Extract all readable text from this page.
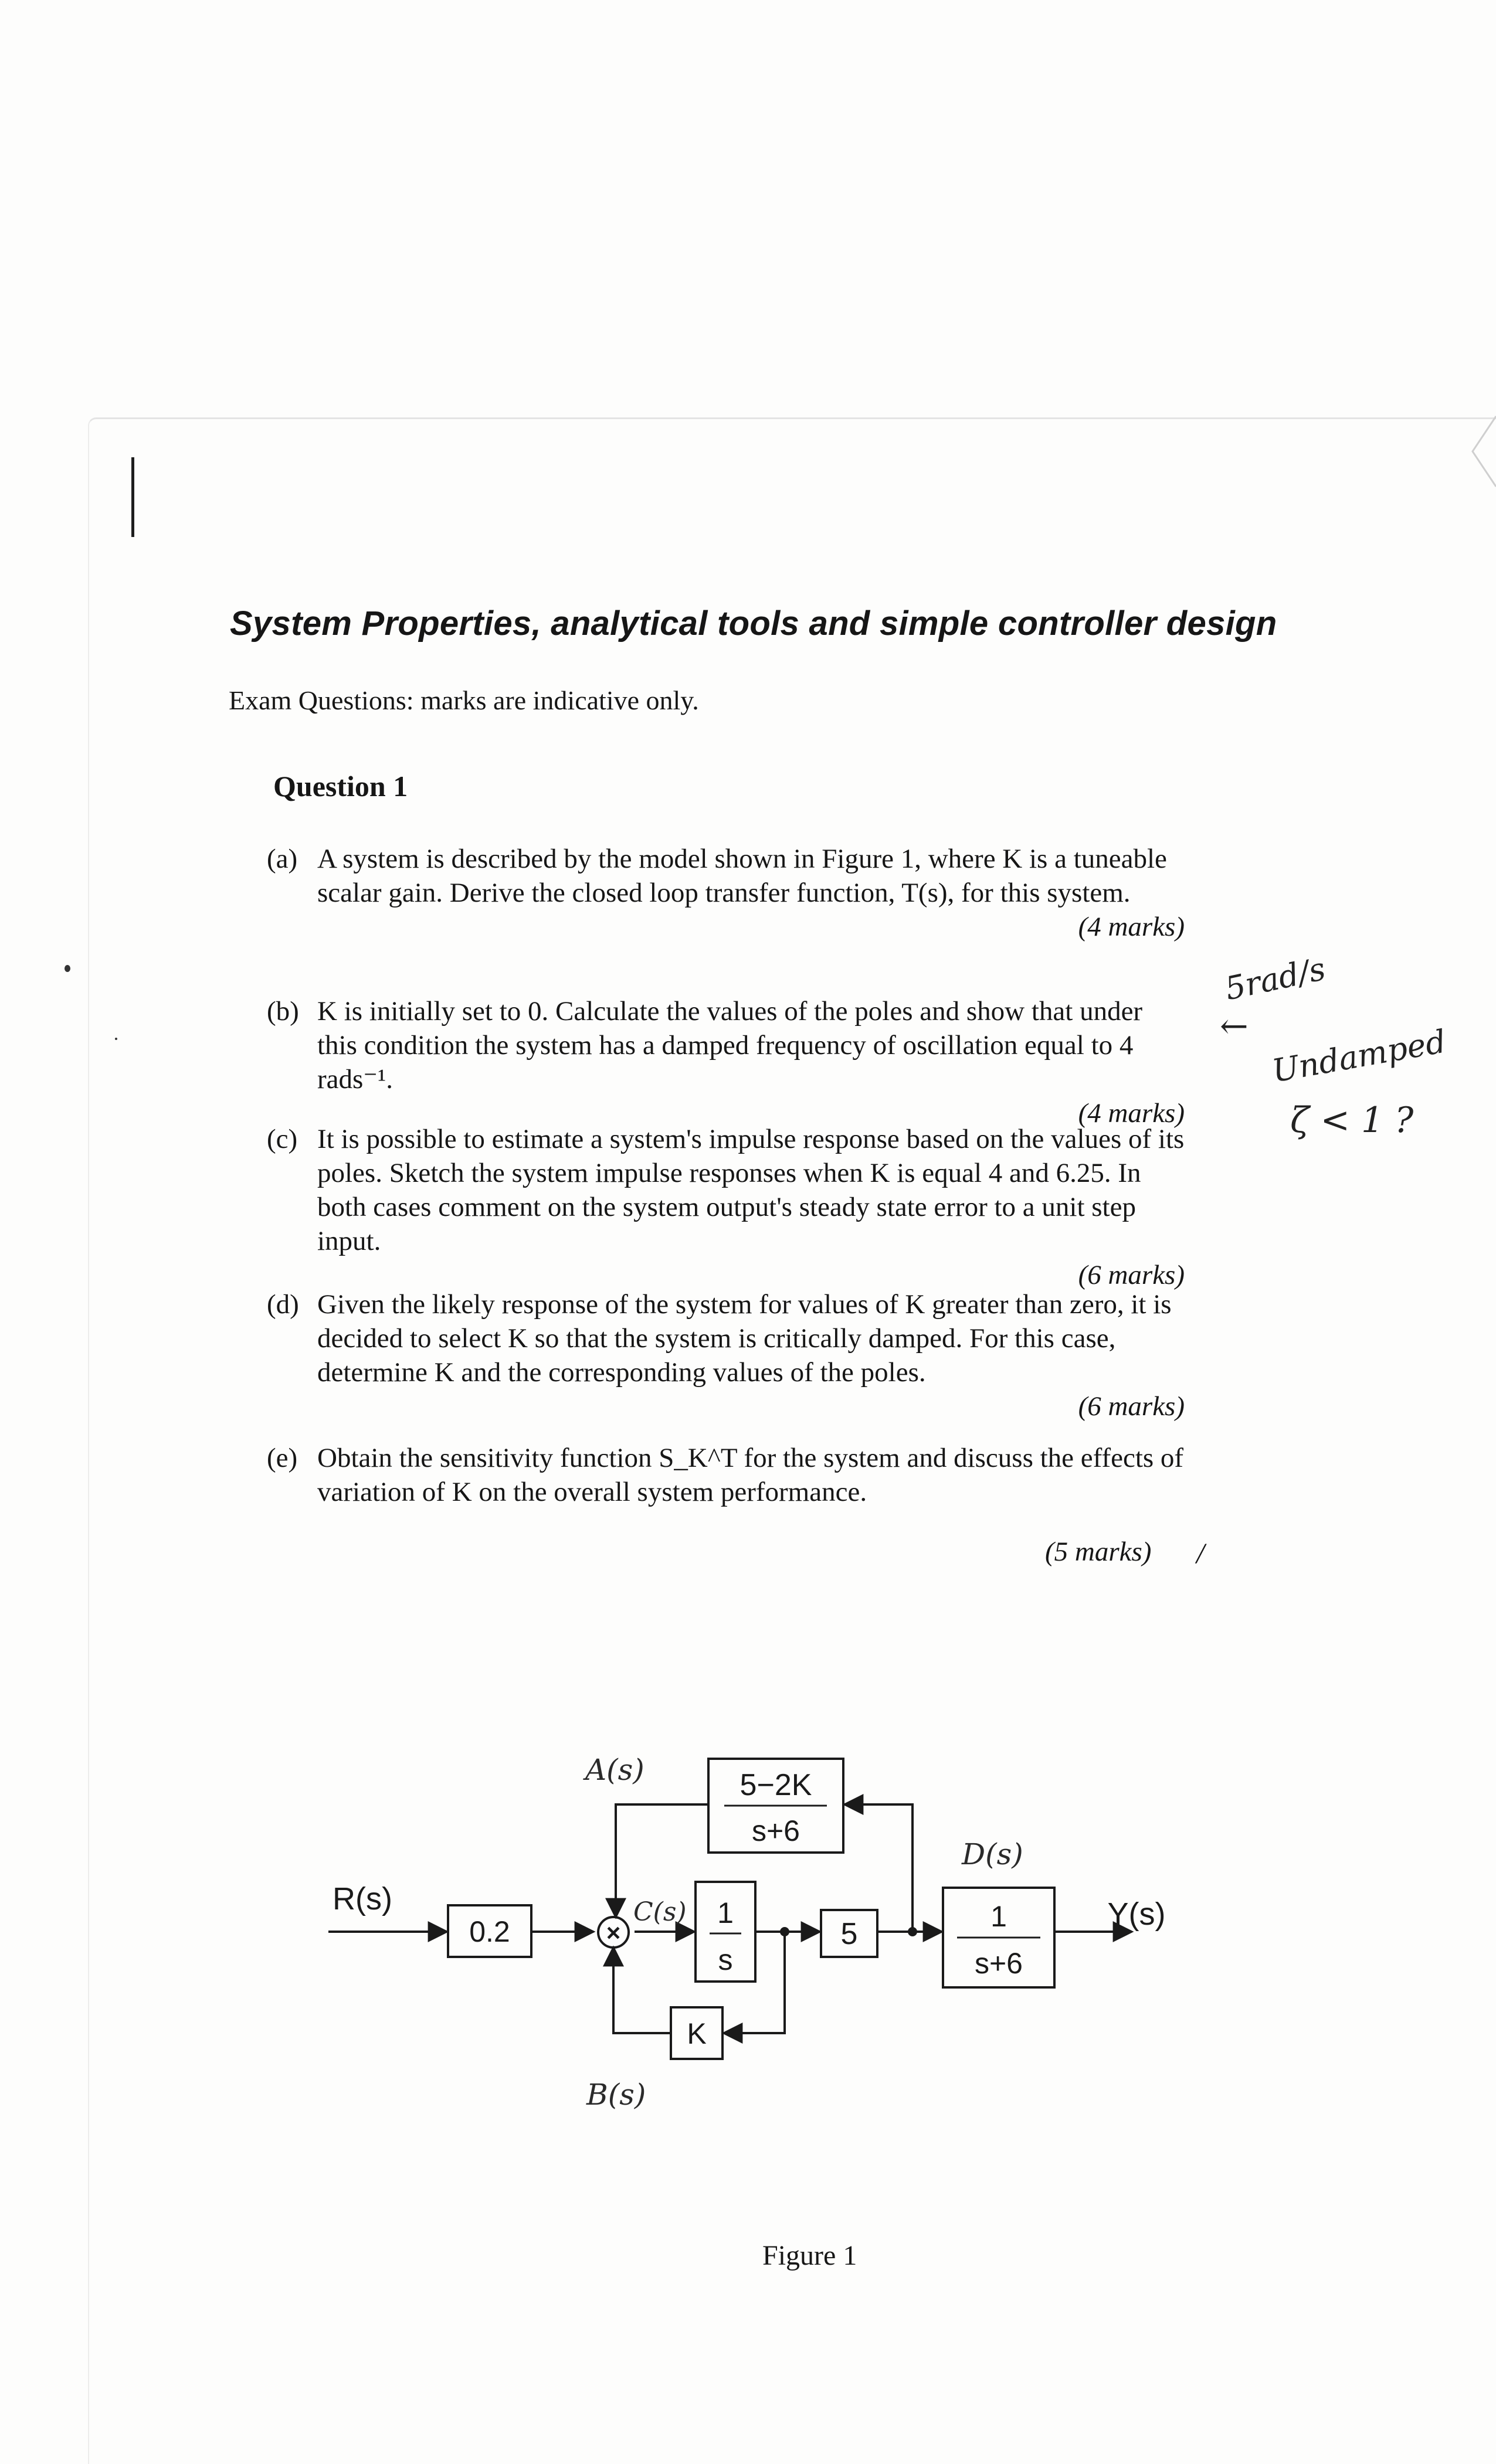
System Properties, analytical tools and simple controller design
Exam Questions: marks are indicative only.
Question 1
(a) A system is described by the model shown in Figure 1, where K is a tuneable scalar gain. Derive the closed loop transfer function, T(s), for this system.
(4 marks)
(b) K is initially set to 0. Calculate the values of the poles and show that under this condition the system has a damped frequency of oscillation equal to 4 rads⁻¹.
(4 marks)
(c) It is possible to estimate a system's impulse response based on the values of its poles. Sketch the system impulse responses when K is equal 4 and 6.25. In both cases comment on the system output's steady state error to a unit step input.
(6 marks)
(d) Given the likely response of the system for values of K greater than zero, it is decided to select K so that the system is critically damped. For this case, determine K and the corresponding values of the poles.
(6 marks)
(e) Obtain the sensitivity function S_K^T for the system and discuss the effects of variation of K on the overall system performance.
(5 marks) /
←
5rad/s
Undamped
ζ < 1 ?
×
R(s)	Y(s)
0.2
5−2K
s+6
1
s
5
1
s+6
K
A(s)
D(s)
C(s)
B(s)
Figure 1
